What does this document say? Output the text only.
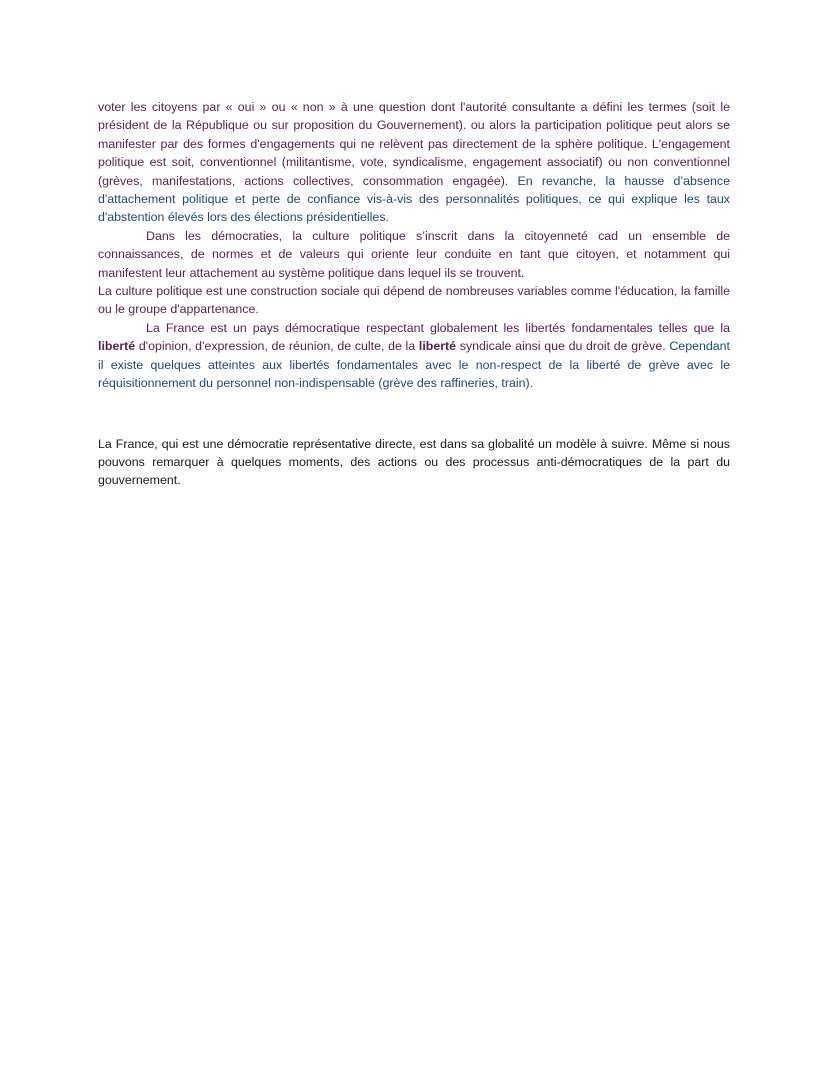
voter les citoyens par « oui » ou « non » à une question dont l'autorité consultante a défini les termes (soit le président de la République ou sur proposition du Gouvernement). ou alors la participation politique peut alors se manifester par des formes d'engagements qui ne relèvent pas directement de la sphère politique. L'engagement politique est soit, conventionnel (militantisme, vote, syndicalisme, engagement associatif) ou non conventionnel (grèves, manifestations, actions collectives, consommation engagée). En revanche, la hausse d’absence d'attachement politique et perte de confiance vis-à-vis des personnalités politiques, ce qui explique les taux d'abstention élevés lors des élections présidentielles.

Dans les démocraties, la culture politique s’inscrit dans la citoyenneté cad un ensemble de connaissances, de normes et de valeurs qui oriente leur conduite en tant que citoyen, et notamment qui manifestent leur attachement au système politique dans lequel ils se trouvent.

La culture politique est une construction sociale qui dépend de nombreuses variables comme l'éducation, la famille ou le groupe d'appartenance.

La France est un pays démocratique respectant globalement les libertés fondamentales telles que la liberté d'opinion, d'expression, de réunion, de culte, de la liberté syndicale ainsi que du droit de grève. Cependant il existe quelques atteintes aux libertés fondamentales avec le non-respect de la liberté de grève avec le réquisitionnement du personnel non-indispensable (grève des raffineries, train).

La France, qui est une démocratie représentative directe, est dans sa globalité un modèle à suivre. Même si nous pouvons remarquer à quelques moments, des actions ou des processus anti-démocratiques de la part du gouvernement.
